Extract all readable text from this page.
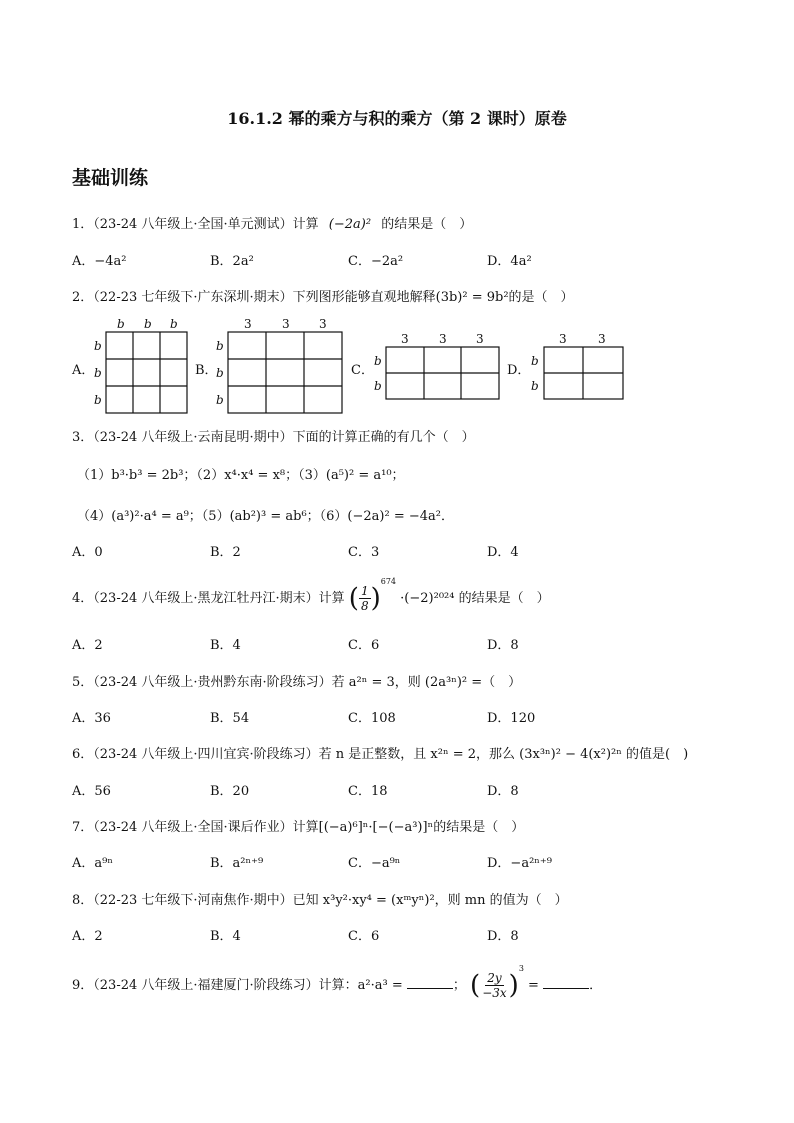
16.1.2 幂的乘方与积的乘方（第 2 课时）原卷
基础训练
1．（23-24 八年级上·全国·单元测试）计算 (−2a)² 的结果是（　）
A．−4a²	B．2a²	C．−2a²	D．4a²
2．（22-23 七年级下·广东深圳·期末）下列图形能够直观地解释(3b)² = 9b²的是（　）
A．
b b b
b
b
b
B．
3	3 3
b
b
b
C．
3	3 3
b
b
D．
3	3
b
b
3．（23-24 八年级上·云南昆明·期中）下面的计算正确的有几个（　）
（1）b³·b³ = 2b³；（2）x⁴·x⁴ = x⁸；（3）(a⁵)² = a¹⁰；
（4）(a³)²·a⁴ = a⁹；（5）(ab²)³ = ab⁶；（6）(−2a)² = −4a²．
A．0	B．2	C．3	D．4
4．（23-24 八年级上·黑龙江牡丹江·期末）计算 ( $\frac{1}{8} )^{674} \cdot(-2)^{2024}$ 的结果是（　）
A．2	B．4	C．6	D．8
5．（23-24 八年级上·贵州黔东南·阶段练习）若 a²ⁿ = 3，则 (2a³ⁿ)² =（　）
A．36	B．54	C．108	D．120
6．（23-24 八年级上·四川宜宾·阶段练习）若 n 是正整数，且 x²ⁿ = 2，那么 (3x³ⁿ)² − 4(x²)²ⁿ 的值是(　)
A．56	B．20	C．18	D．8
7．（23-24 八年级上·全国·课后作业）计算[(−a)⁶]ⁿ·[−(−a³)]ⁿ的结果是（　）
A．a⁹ⁿ	B．a²ⁿ⁺⁹	C．−a⁹ⁿ	D．−a²ⁿ⁺⁹
8．（22-23 七年级下·河南焦作·期中）已知 x³y²·xy⁴ = (xᵐyⁿ)²，则 mn 的值为（　）
A．2	B．4	C．6	D．8
9．（23-24 八年级上·福建厦门·阶段练习）计算：a²·a³ =	； ( $\frac{2y}{-3x} )^3$ =	．
